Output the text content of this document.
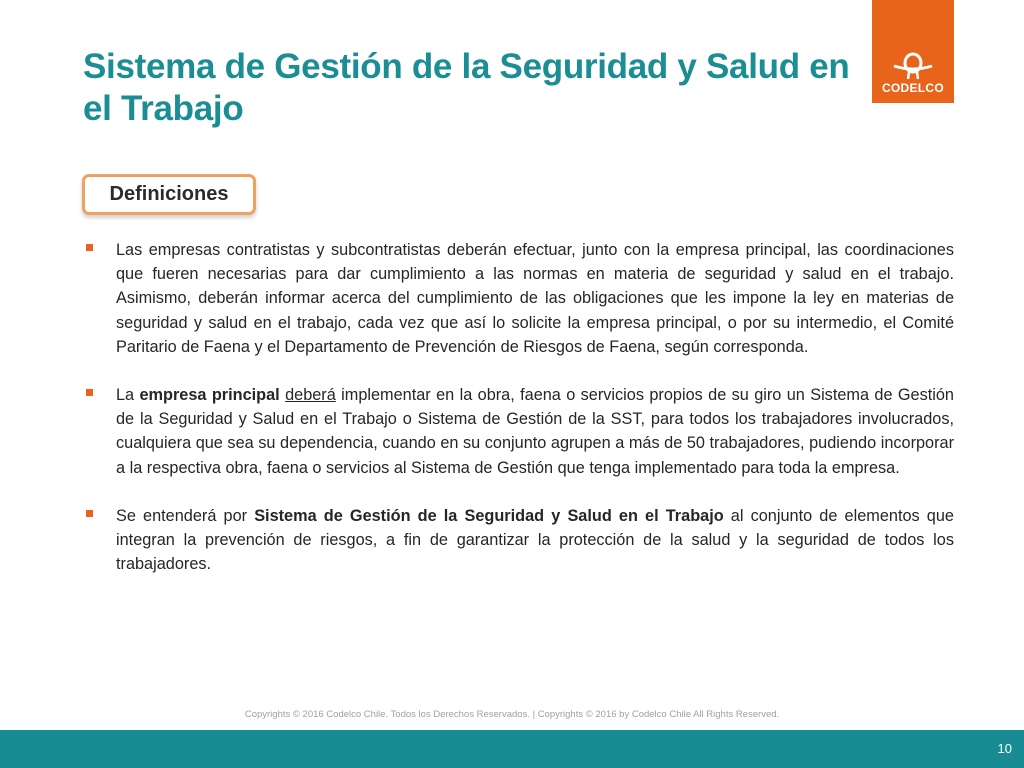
Sistema de Gestión de la Seguridad y Salud en el Trabajo
CODELCO
Definiciones

Las empresas contratistas y subcontratistas deberán efectuar, junto con la empresa principal, las coordinaciones que fueren necesarias para dar cumplimiento a las normas en materia de seguridad y salud en el trabajo. Asimismo, deberán informar acerca del cumplimiento de las obligaciones que les impone la ley en materias de seguridad y salud en el trabajo, cada vez que así lo solicite la empresa principal, o por su intermedio, el Comité Paritario de Faena y el Departamento de Prevención de Riesgos de Faena, según corresponda.

La empresa principal deberá implementar en la obra, faena o servicios propios de su giro un Sistema de Gestión de la Seguridad y Salud en el Trabajo o Sistema de Gestión de la SST, para todos los trabajadores involucrados, cualquiera que sea su dependencia, cuando en su conjunto agrupen a más de 50 trabajadores, pudiendo incorporar a la respectiva obra, faena o servicios al Sistema de Gestión que tenga implementado para toda la empresa.

Se entenderá por Sistema de Gestión de la Seguridad y Salud en el Trabajo al conjunto de elementos que integran la prevención de riesgos, a fin de garantizar la protección de la salud y la seguridad de todos los trabajadores.

Copyrights © 2016 Codelco Chile. Todos los Derechos Reservados. | Copyrights © 2016 by Codelco Chile All Rights Reserved.
10
